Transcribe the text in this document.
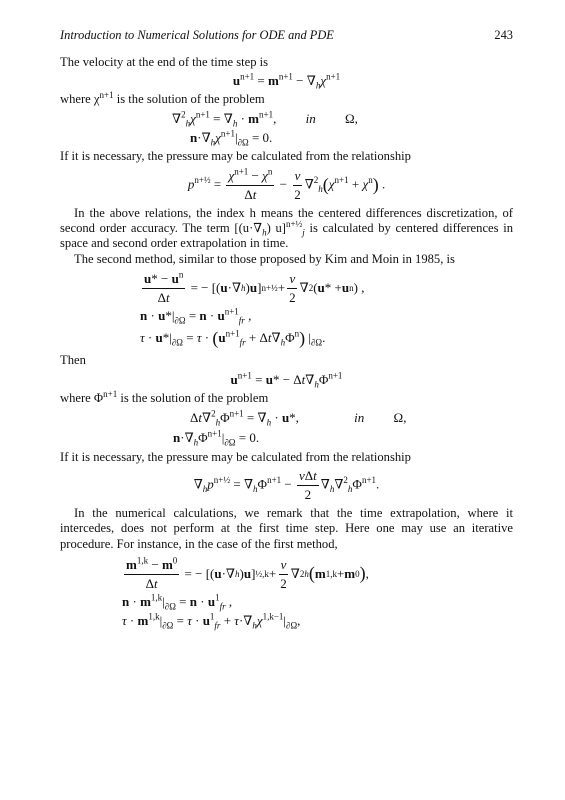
Introduction to Numerical Solutions for ODE and PDE	243

The velocity at the end of the time step is

$u^{n+1} = m^{n+1} - \nabla_h\chi^{n+1}$

where $\chi^{n+1}$ is the solution of the problem

$\nabla^2_h\chi^{n+1} = \nabla_h \cdot m^{n+1}$, in Ω,
$n\cdot\nabla_h\chi^{n+1}|_{\partial\Omega} = 0$.

If it is necessary, the pressure may be calculated from the relationship

$p^{n+\frac{1}{2}} = \frac{\chi^{n+1} - \chi^n}{\Delta t} - \frac{\nu}{2} \nabla^2_h(\chi^{n+1} + \chi^n)$ .

In the above relations, the index h means the centered differences discretization, of second order accuracy. The term [$(u\cdot\nabla_h)$ u]$^{n+\frac{1}{2}}_j$ is calculated by centered differences in space and second order extrapolation in time.

The second method, similar to those proposed by Kim and Moin in 1985, is

$\frac{u* - u^n}{\Delta t}$ = − [( u ·∇ h ) u ] n+½ + $\frac{\nu}{2}$ ∇ 2 ( u * + u n ) ,
$n \cdot u*|_{\partial\Omega} = n \cdot u^{n+1}_{fr}$ ,
$\tau \cdot u*|_{\partial\Omega} = \tau \cdot (u^{n+1}_{fr} + \Delta t\nabla_h\Phi^n)$ $|_{\partial\Omega}$.

Then

$u^{n+1} = u* - \Delta t\nabla_h\Phi^{n+1}$

where $\Phi^{n+1}$ is the solution of the problem

$\Delta t\nabla^2_h\Phi^{n+1} = \nabla_h \cdot u*$,	in Ω,
$n\cdot\nabla_h\Phi^{n+1}|_{\partial\Omega} = 0$.

If it is necessary, the pressure may be calculated from the relationship

$\nabla_hp^{n+\frac{1}{2}} = \nabla_h\Phi^{n+1} - \frac{\text{νΔt}}{2} \nabla_h\nabla^2_h\Phi^{n+1}$.

In the numerical calculations, we remark that the time extrapolation, where it intercedes, does not perform at the first time step. Here one may use an iterative procedure. For instance, in the case of the first method,

$\frac{m^{1,k} - m^0}{\Delta t}$ = − [( u ·∇ h ) u ] ½,k + $\frac{\nu}{2}$ ∇ 2 h ( m 1,k + m 0 ) ,
$n \cdot m^{1,k}|_{\partial\Omega} = n \cdot u^1_{fr}$ ,
$\tau \cdot m^{1,k}|_{\partial\Omega} = \tau \cdot u^1_{fr} + \tau\cdot\nabla_h\chi^{1,k-1}|_{\partial\Omega}$,
